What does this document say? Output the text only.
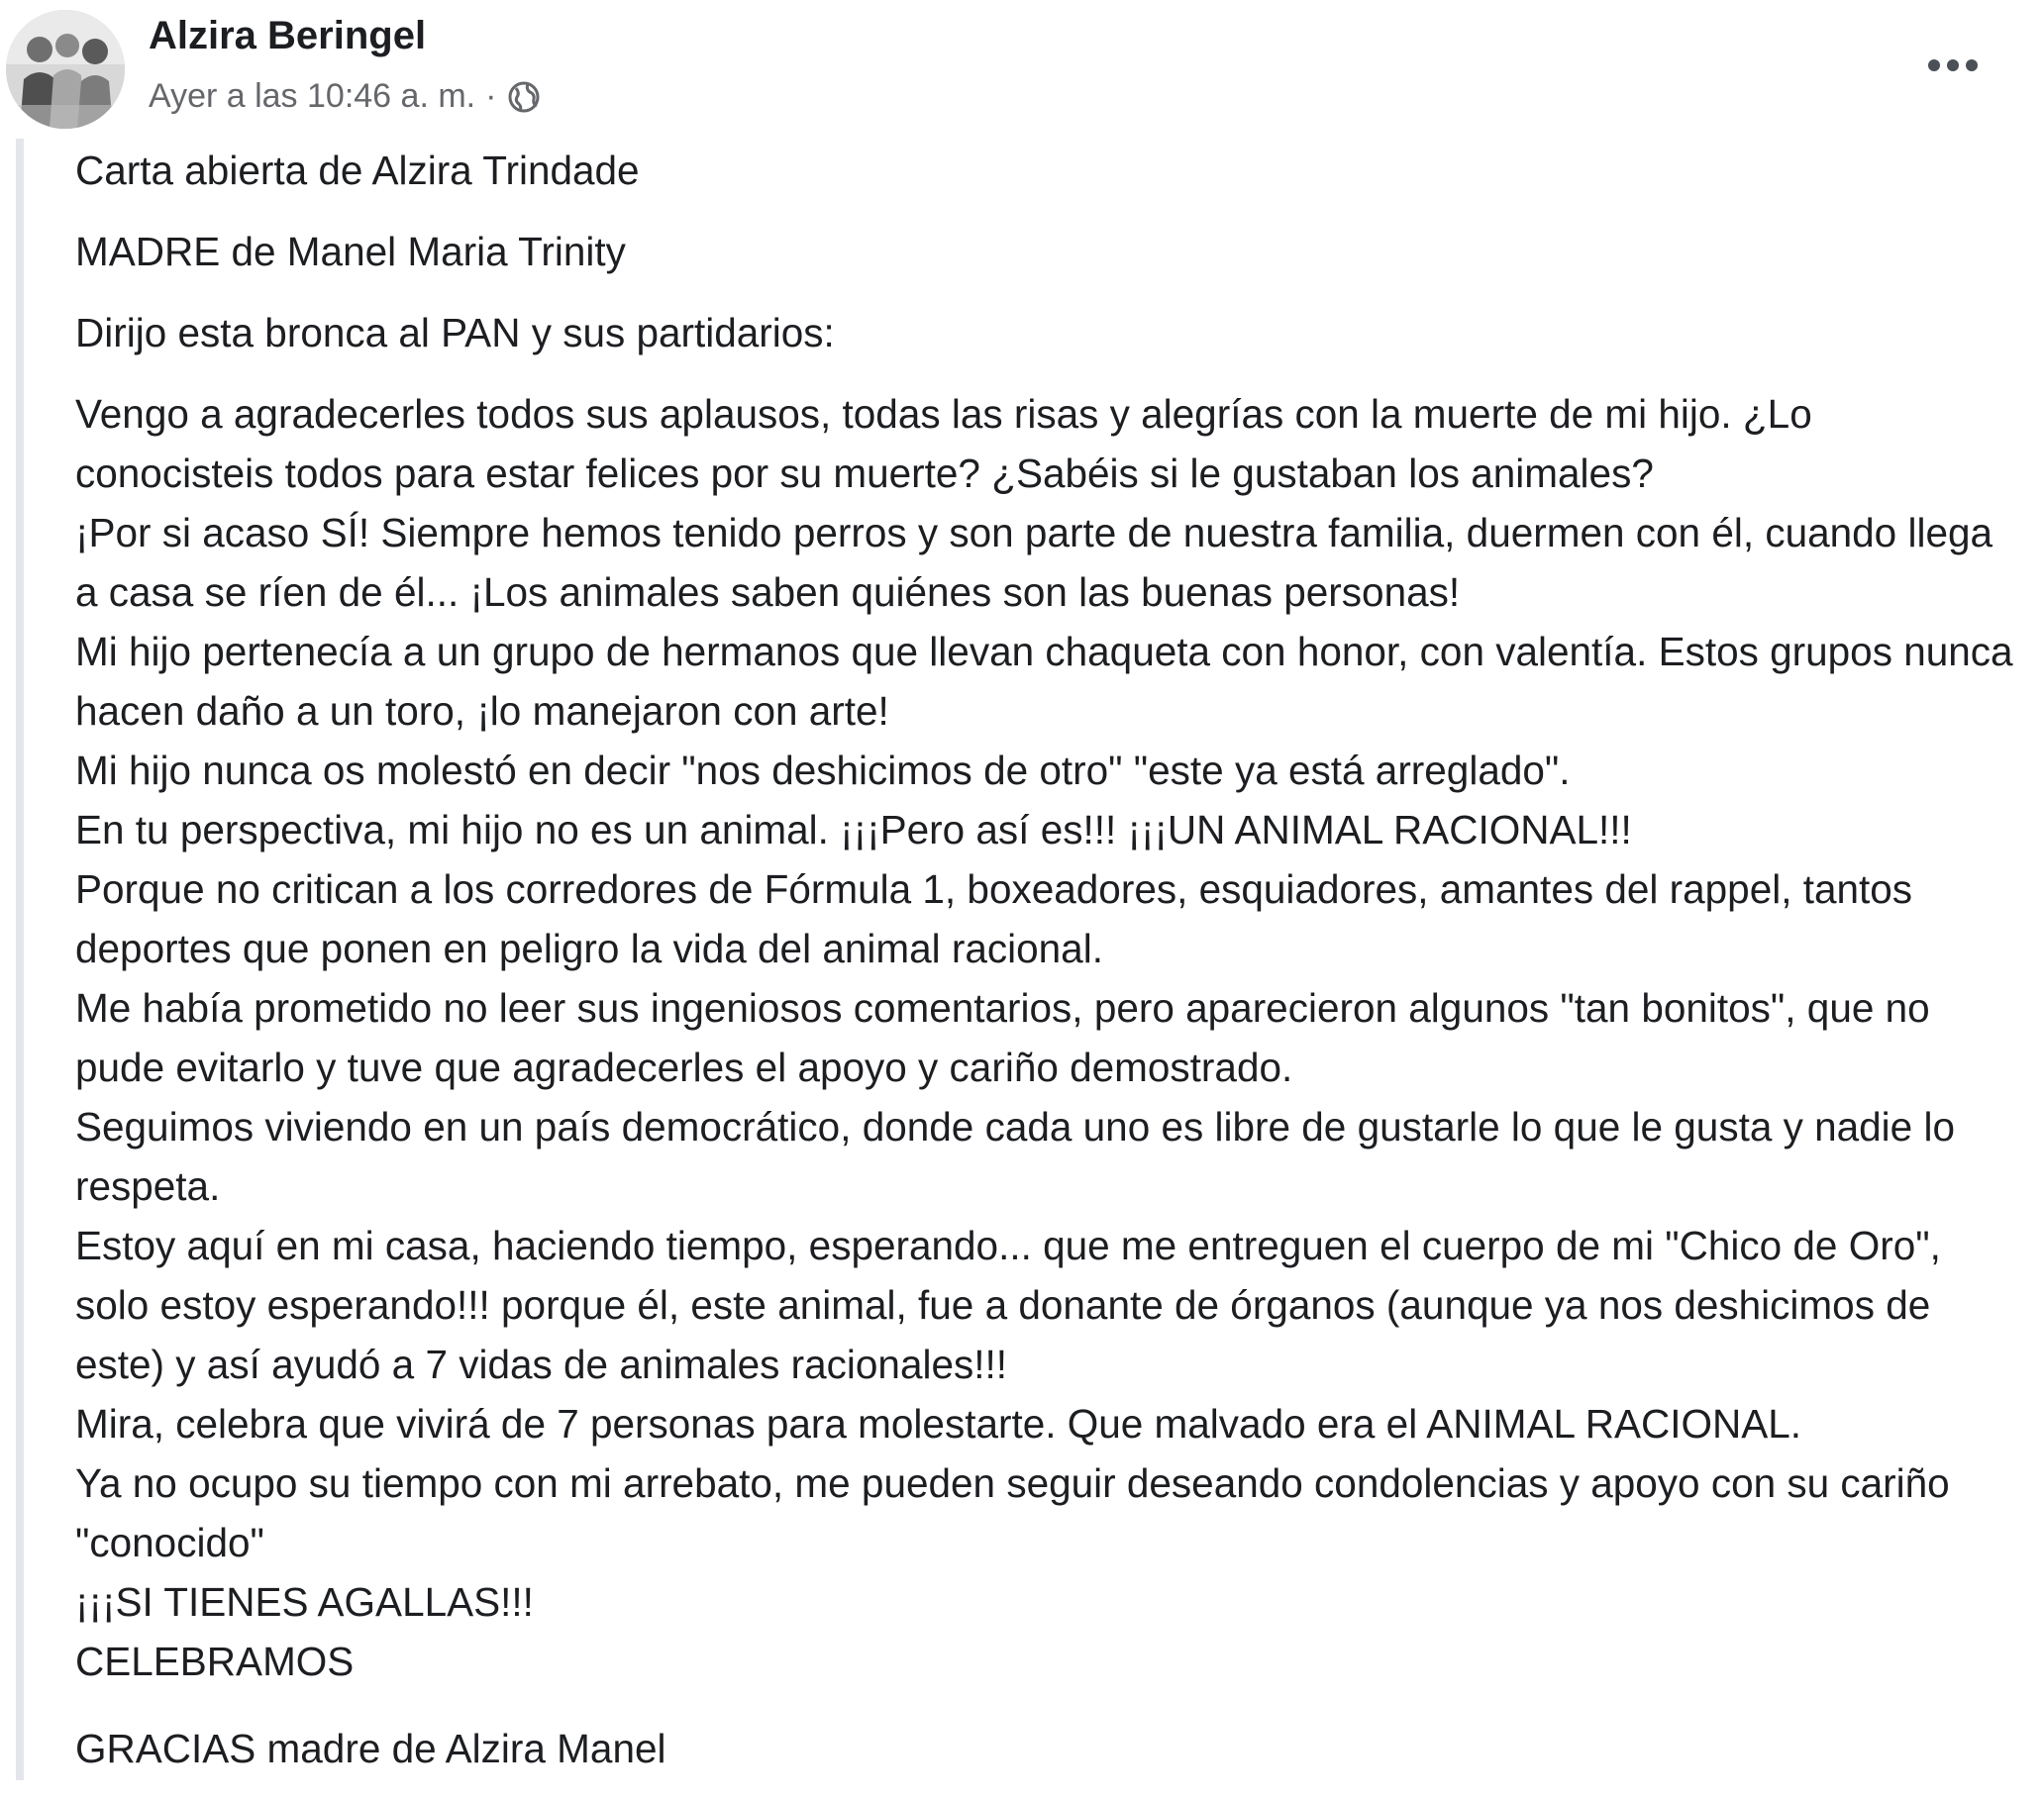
Alzira Beringel
Ayer a las 10:46 a. m. ·

Carta abierta de Alzira Trindade

MADRE de Manel Maria Trinity

Dirijo esta bronca al PAN y sus partidarios:

Vengo a agradecerles todos sus aplausos, todas las risas y alegrías con la muerte de mi hijo. ¿Lo conocisteis todos para estar felices por su muerte? ¿Sabéis si le gustaban los animales?
¡Por si acaso SÍ! Siempre hemos tenido perros y son parte de nuestra familia, duermen con él, cuando llega a casa se ríen de él... ¡Los animales saben quiénes son las buenas personas!
Mi hijo pertenecía a un grupo de hermanos que llevan chaqueta con honor, con valentía. Estos grupos nunca hacen daño a un toro, ¡lo manejaron con arte!
Mi hijo nunca os molestó en decir "nos deshicimos de otro" "este ya está arreglado".
En tu perspectiva, mi hijo no es un animal. ¡¡¡Pero así es!!! ¡¡¡UN ANIMAL RACIONAL!!!
Porque no critican a los corredores de Fórmula 1, boxeadores, esquiadores, amantes del rappel, tantos deportes que ponen en peligro la vida del animal racional.
Me había prometido no leer sus ingeniosos comentarios, pero aparecieron algunos "tan bonitos", que no pude evitarlo y tuve que agradecerles el apoyo y cariño demostrado.
Seguimos viviendo en un país democrático, donde cada uno es libre de gustarle lo que le gusta y nadie lo respeta.
Estoy aquí en mi casa, haciendo tiempo, esperando... que me entreguen el cuerpo de mi "Chico de Oro", solo estoy esperando!!! porque él, este animal, fue a donante de órganos (aunque ya nos deshicimos de este) y así ayudó a 7 vidas de animales racionales!!!
Mira, celebra que vivirá de 7 personas para molestarte. Que malvado era el ANIMAL RACIONAL.
Ya no ocupo su tiempo con mi arrebato, me pueden seguir deseando condolencias y apoyo con su cariño "conocido"
¡¡¡SI TIENES AGALLAS!!!
CELEBRAMOS

GRACIAS madre de Alzira Manel
